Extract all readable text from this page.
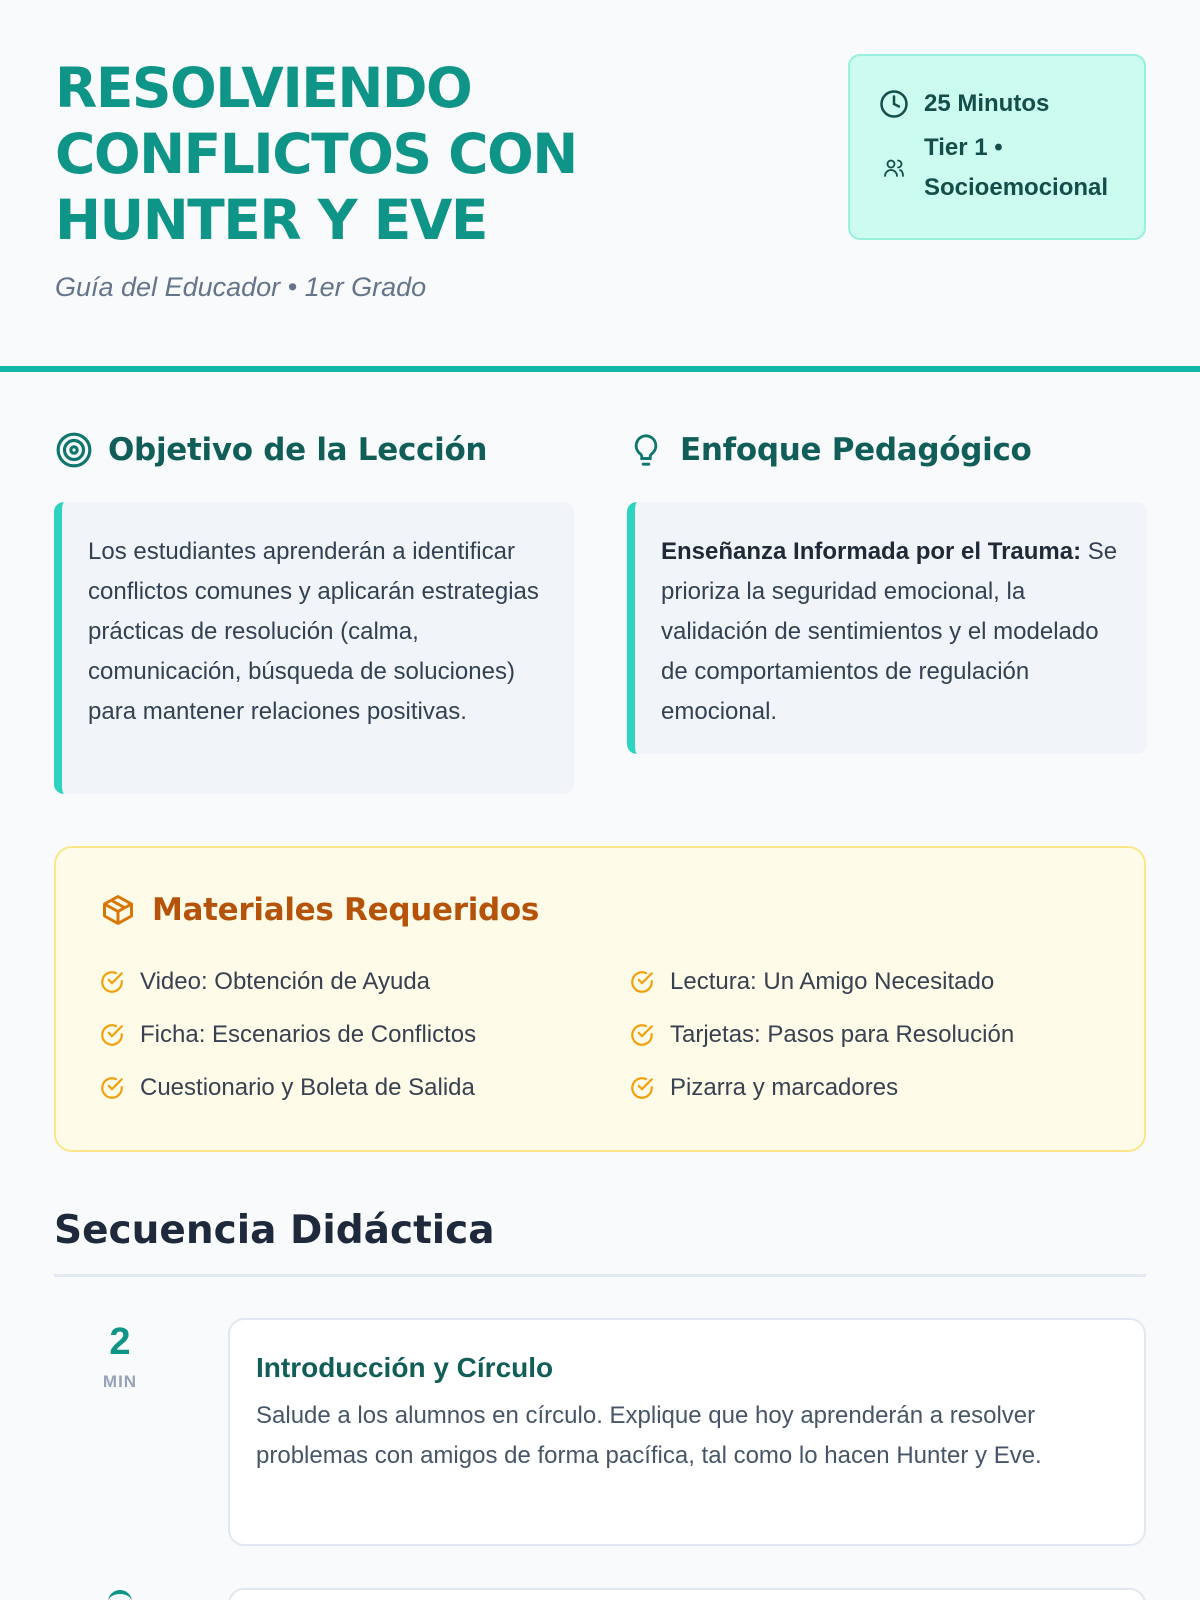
RESOLVIENDO CONFLICTOS CON HUNTER Y EVE
Guía del Educador • 1er Grado
25 Minutos
Tier 1 •
Socioemocional
Objetivo de la Lección
Los estudiantes aprenderán a identificar conflictos comunes y aplicarán estrategias prácticas de resolución (calma, comunicación, búsqueda de soluciones) para mantener relaciones positivas.
Enfoque Pedagógico
Enseñanza Informada por el Trauma: Se prioriza la seguridad emocional, la validación de sentimientos y el modelado de comportamientos de regulación emocional.
Materiales Requeridos
Video: Obtención de Ayuda	Lectura: Un Amigo Necesitado
Ficha: Escenarios de Conflictos	Tarjetas: Pasos para Resolución
Cuestionario y Boleta de Salida	Pizarra y marcadores
Secuencia Didáctica
2
MIN	Introducción y Círculo

Salude a los alumnos en círculo. Explique que hoy aprenderán a resolver problemas con amigos de forma pacífica, tal como lo hacen Hunter y Eve.
